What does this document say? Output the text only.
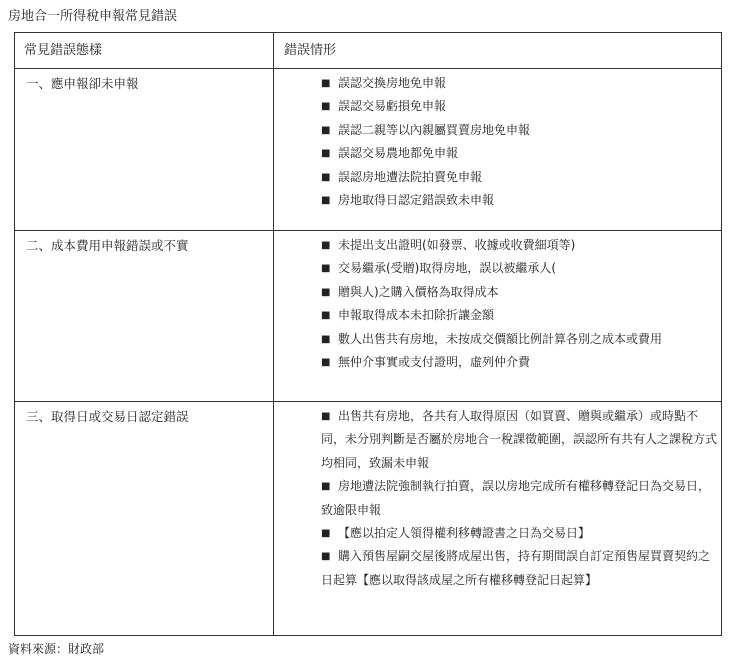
房地合一所得稅申報常見錯誤
常見錯誤態樣	錯誤情形
一、應申報卻未申報	■ 誤認交換房地免申報
■ 誤認交易虧損免申報
■ 誤認二親等以內親屬買賣房地免申報
■ 誤認交易農地都免申報
■ 誤認房地遭法院拍賣免申報
■ 房地取得日認定錯誤致未申報
二、成本費用申報錯誤或不實	■ 未提出支出證明(如發票、收據或收費細項等)
■ 交易繼承(受贈)取得房地，誤以被繼承人(
■ 贈與人)之購入價格為取得成本
■ 申報取得成本未扣除折讓金額
■ 數人出售共有房地，未按成交價額比例計算各別之成本或費用
■ 無仲介事實或支付證明，虛列仲介費
三、取得日或交易日認定錯誤	■ 出售共有房地，各共有人取得原因（如買賣、贈與或繼承）或時點不同，未分別判斷是否屬於房地合一稅課徵範圍，誤認所有共有人之課稅方式均相同，致漏未申報
■ 房地遭法院強制執行拍賣，誤以房地完成所有權移轉登記日為交易日，致逾限申報
■ 【應以拍定人領得權利移轉證書之日為交易日】
■ 購入預售屋嗣交屋後將成屋出售，持有期間誤自訂定預售屋買賣契約之日起算【應以取得該成屋之所有權移轉登記日起算】
資料來源：財政部
